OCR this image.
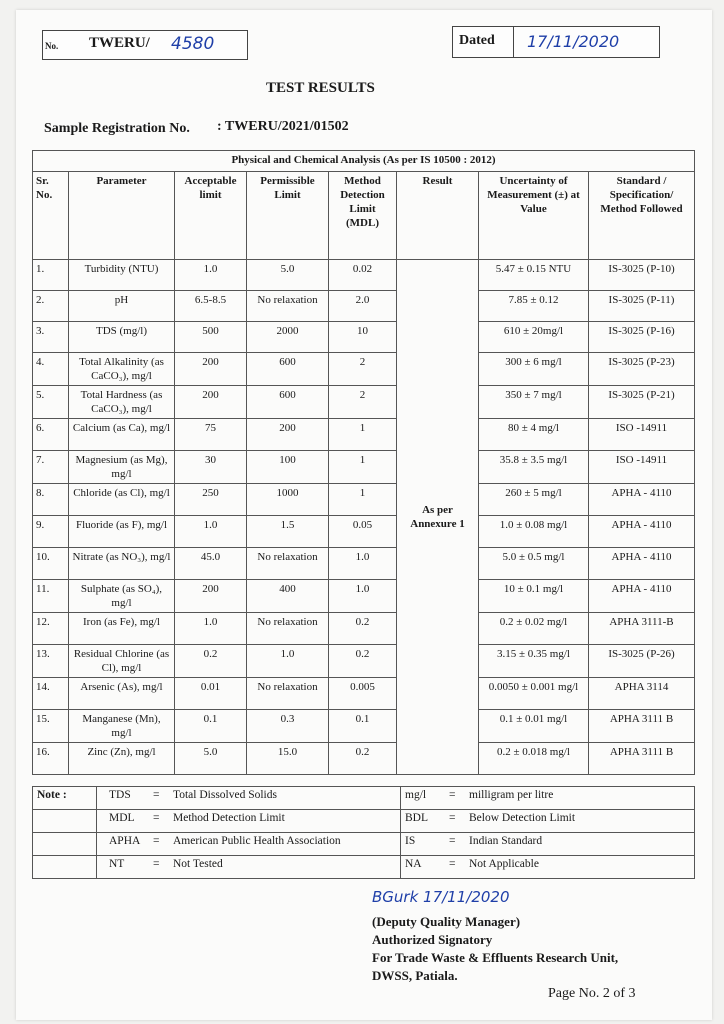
No. TWERU/ 4580	Dated 17/11/2020
TEST RESULTS
Sample Registration No. : TWERU/2021/01502
Physical and Chemical Analysis (As per IS 10500 : 2012)							
Sr. No.	Parameter	Acceptable limit	Permissible Limit	Method Detection Limit (MDL)	Result	Uncertainty of Measurement (±) at Value	Standard / Specification/ Method Followed
1.	Turbidity (NTU)	1.0	5.0	0.02	As per Annexure 1	5.47 ± 0.15 NTU	IS-3025 (P-10)
2.	pH	6.5-8.5	No relaxation	2.0		7.85 ± 0.12	IS-3025 (P-11)
3.	TDS (mg/l)	500	2000	10		610 ± 20mg/l	IS-3025 (P-16)
4.	Total Alkalinity (as CaCO₃), mg/l	200	600	2		300 ± 6 mg/l	IS-3025 (P-23)
5.	Total Hardness (as CaCO₃), mg/l	200	600	2		350 ± 7 mg/l	IS-3025 (P-21)
6.	Calcium (as Ca), mg/l	75	200	1		80 ± 4 mg/l	ISO -14911
7.	Magnesium (as Mg), mg/l	30	100	1		35.8 ± 3.5 mg/l	ISO -14911
8.	Chloride (as Cl), mg/l	250	1000	1		260 ± 5 mg/l	APHA - 4110
9.	Fluoride (as F), mg/l	1.0	1.5	0.05		1.0 ± 0.08 mg/l	APHA - 4110
10.	Nitrate (as NO₃), mg/l	45.0	No relaxation	1.0		5.0 ± 0.5 mg/l	APHA - 4110
11.	Sulphate (as SO₄), mg/l	200	400	1.0		10 ± 0.1 mg/l	APHA - 4110
12.	Iron (as Fe), mg/l	1.0	No relaxation	0.2		0.2 ± 0.02 mg/l	APHA 3111-B
13.	Residual Chlorine (as Cl), mg/l	0.2	1.0	0.2		3.15 ± 0.35 mg/l	IS-3025 (P-26)
14.	Arsenic (As), mg/l	0.01	No relaxation	0.005		0.0050 ± 0.001 mg/l	APHA 3114
15.	Manganese (Mn), mg/l	0.1	0.3	0.1		0.1 ± 0.01 mg/l	APHA 3111 B
16.	Zinc (Zn), mg/l	5.0	15.0	0.2		0.2 ± 0.018 mg/l	APHA 3111 B
Note :	TDS = Total Dissolved Solids	mg/l = milligram per litre
	MDL = Method Detection Limit	BDL = Below Detection Limit
	APHA = American Public Health Association	IS = Indian Standard
	NT = Not Tested	NA = Not Applicable
BGurk 17/11/2020
(Deputy Quality Manager)
Authorized Signatory
For Trade Waste & Effluents Research Unit,
DWSS, Patiala.
Page No. 2 of 3
